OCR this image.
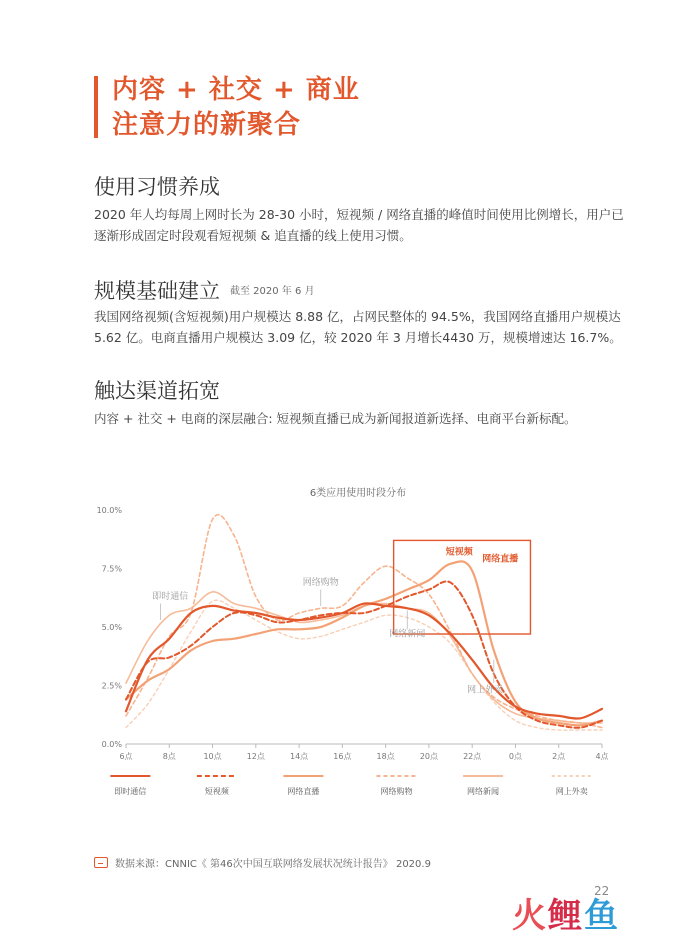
内容 + 社交 + 商业
注意力的新聚合
使用习惯养成
2020 年人均每周上网时长为 28-30 小时，短视频 / 网络直播的峰值时间使用比例增长，用户已逐渐形成固定时段观看短视频 & 追直播的线上使用习惯。
规模基础建立 截至 2020 年 6 月
我国网络视频(含短视频)用户规模达 8.88 亿，占网民整体的 94.5%，我国网络直播用户规模达 5.62 亿。电商直播用户规模达 3.09 亿，较 2020 年 3 月增长4430 万，规模增速达 16.7%。
触达渠道拓宽
内容 + 社交 + 电商的深层融合: 短视频直播已成为新闻报道新选择、电商平台新标配。
6类应用使用时段分布
0.0%
2.5%
5.0%
7.5%
10.0%
6点	8点	10点	12点	14点	16点	18点	20点	22点	0点	2点	4点
即时通信
网络购物
网络新闻
网上外卖
短视频
网络直播
即时通信	短视频	网络直播	网络购物	网络新闻	网上外卖
数据来源：CNNIC《 第46次中国互联网络发展状况统计报告》 2020.9
22
火鲤鱼
